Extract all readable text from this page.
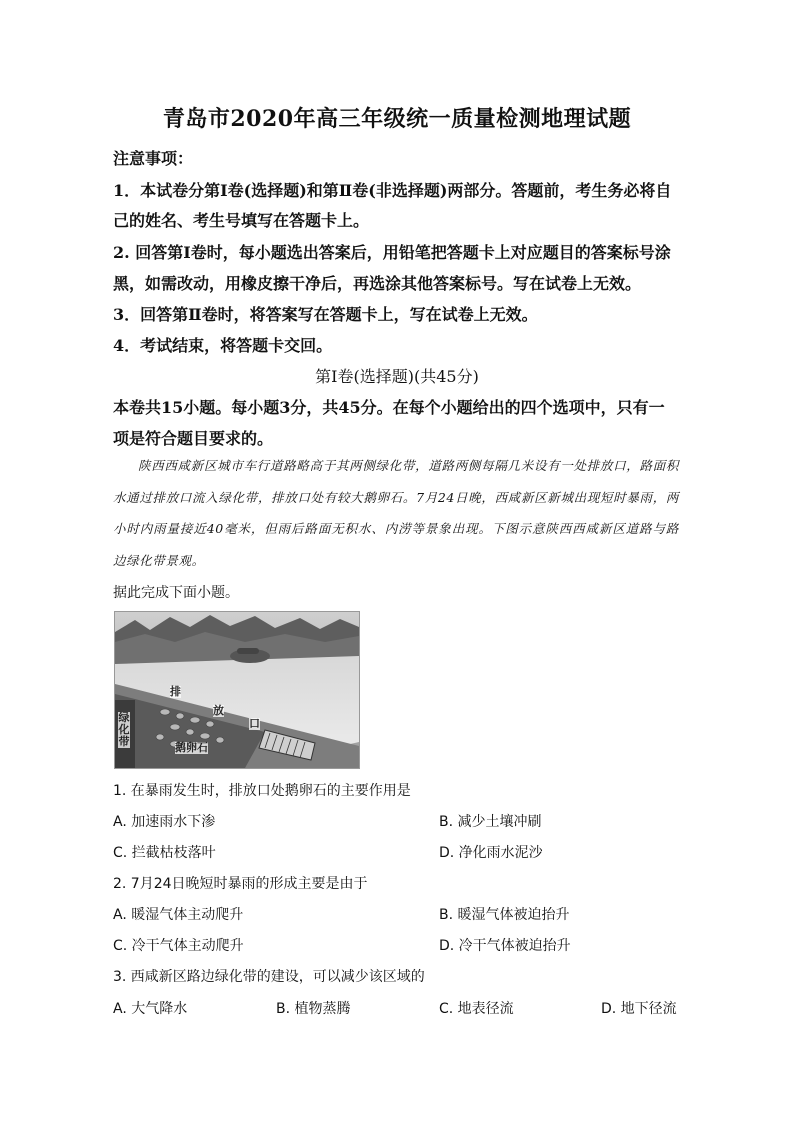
青岛市2020年高三年级统一质量检测地理试题
注意事项：
1．本试卷分第Ⅰ卷(选择题)和第Ⅱ卷(非选择题)两部分。答题前，考生务必将自
己的姓名、考生号填写在答题卡上。
2. 回答第Ⅰ卷时，每小题选出答案后，用铅笔把答题卡上对应题目的答案标号涂
黑，如需改动，用橡皮擦干净后，再选涂其他答案标号。写在试卷上无效。
3．回答第Ⅱ卷时，将答案写在答题卡上，写在试卷上无效。
4．考试结束，将答题卡交回。
第Ⅰ卷(选择题)(共45分)
本卷共15小题。每小题3分，共45分。在每个小题给出的四个选项中，只有一
项是符合题目要求的。
陕西西咸新区城市车行道路略高于其两侧绿化带，道路两侧每隔几米设有一处排放口，路面积水通过排放口流入绿化带，排放口处有较大鹅卵石。7月24日晚，西咸新区新城出现短时暴雨，两小时内雨量接近40毫米，但雨后路面无积水、内涝等景象出现。下图示意陕西西咸新区道路与路边绿化带景观。
据此完成下面小题。
绿化带
排
放
口
鹅卵石
1. 在暴雨发生时，排放口处鹅卵石的主要作用是
A. 加速雨水下渗	B. 减少土壤冲刷
C. 拦截枯枝落叶	D. 净化雨水泥沙
2. 7月24日晚短时暴雨的形成主要是由于
A. 暖湿气体主动爬升	B. 暖湿气体被迫抬升
C. 冷干气体主动爬升	D. 冷干气体被迫抬升
3. 西咸新区路边绿化带的建设，可以减少该区域的
A. 大气降水	B. 植物蒸腾	C. 地表径流	D. 地下径流
